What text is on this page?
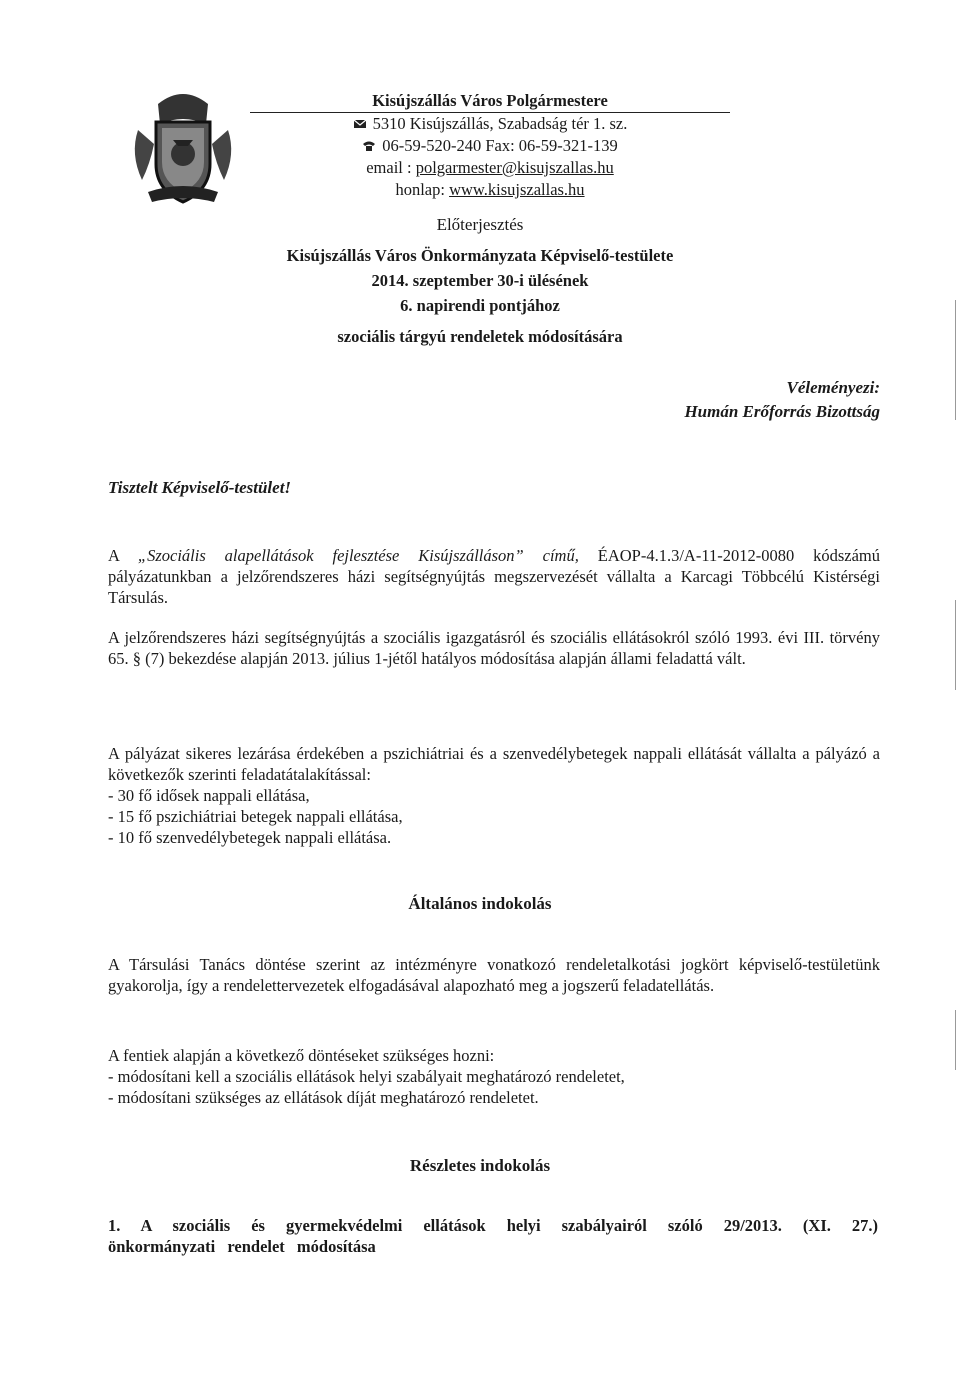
Kisújszállás Város Polgármestere
5310 Kisújszállás, Szabadság tér 1. sz.
06-59-520-240 Fax: 06-59-321-139
email : polgarmester@kisujszallas.hu
honlap: www.kisujszallas.hu
Előterjesztés
Kisújszállás Város Önkormányzata Képviselő-testülete
2014. szeptember 30-i ülésének
6. napirendi pontjához
szociális tárgyú rendeletek módosítására
Véleményezi:
Humán Erőforrás Bizottság
Tisztelt Képviselő-testület!
A „Szociális alapellátások fejlesztése Kisújszálláson” című, ÉAOP-4.1.3/A-11-2012-0080 kódszámú pályázatunkban a jelzőrendszeres házi segítségnyújtás megszervezését vállalta a Karcagi Többcélú Kistérségi Társulás.
A jelzőrendszeres házi segítségnyújtás a szociális igazgatásról és szociális ellátásokról szóló 1993. évi III. törvény 65. § (7) bekezdése alapján 2013. július 1-jétől hatályos módosítása alapján állami feladattá vált.
A pályázat sikeres lezárása érdekében a pszichiátriai és a szenvedélybetegek nappali ellátását vállalta a pályázó a következők szerinti feladatátalakítással:
- 30 fő idősek nappali ellátása,
- 15 fő pszichiátriai betegek nappali ellátása,
- 10 fő szenvedélybetegek nappali ellátása.
Általános indokolás
A Társulási Tanács döntése szerint az intézményre vonatkozó rendeletalkotási jogkört képviselő-testületünk gyakorolja, így a rendelettervezetek elfogadásával alapozható meg a jogszerű feladatellátás.
A fentiek alapján a következő döntéseket szükséges hozni:
- módosítani kell a szociális ellátások helyi szabályait meghatározó rendeletet,
- módosítani szükséges az ellátások díját meghatározó rendeletet.
Részletes indokolás
1. A szociális és gyermekvédelmi ellátások helyi szabályairól szóló 29/2013. (XI. 27.) önkormányzati rendelet módosítása
